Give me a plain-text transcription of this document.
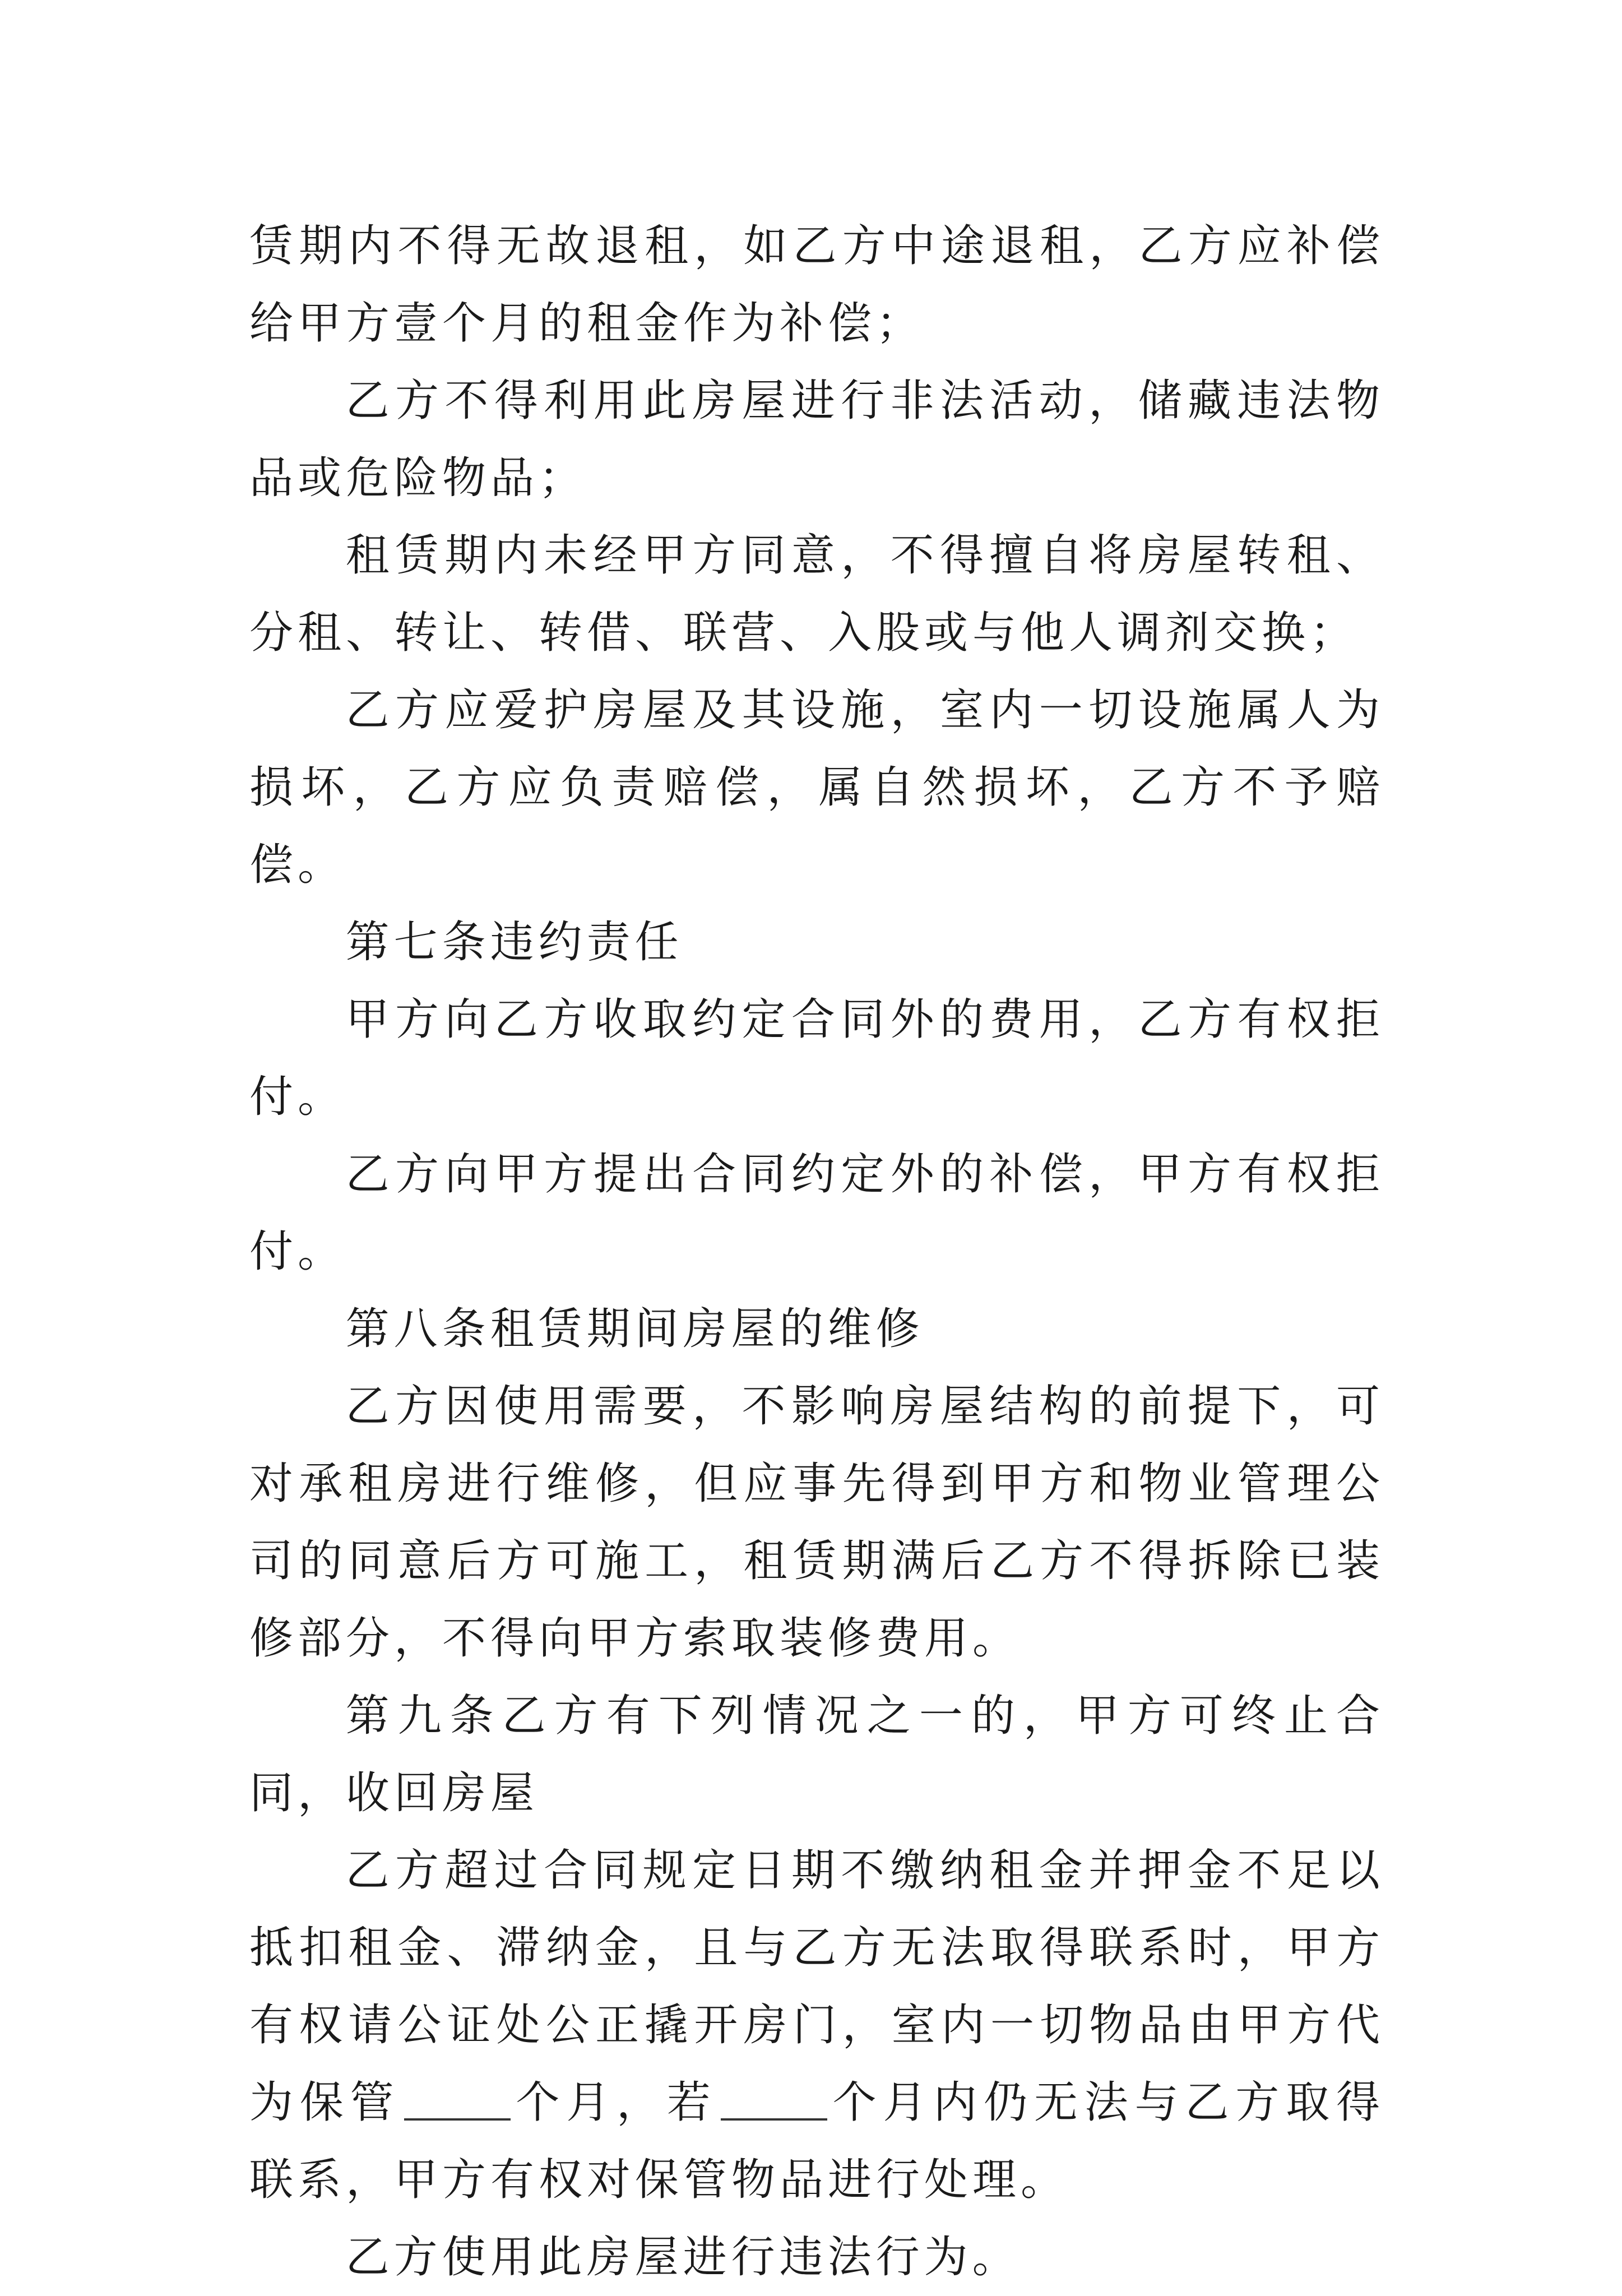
赁期内不得无故退租，如乙方中途退租，乙方应补偿给甲方壹个月的租金作为补偿；

乙方不得利用此房屋进行非法活动，储藏违法物品或危险物品；

租赁期内未经甲方同意，不得擅自将房屋转租、分租、转让、转借、联营、入股或与他人调剂交换；

乙方应爱护房屋及其设施，室内一切设施属人为损坏，乙方应负责赔偿，属自然损坏，乙方不予赔偿。

第七条违约责任

甲方向乙方收取约定合同外的费用，乙方有权拒付。

乙方向甲方提出合同约定外的补偿，甲方有权拒付。

第八条租赁期间房屋的维修

乙方因使用需要，不影响房屋结构的前提下，可对承租房进行维修，但应事先得到甲方和物业管理公司的同意后方可施工，租赁期满后乙方不得拆除已装修部分，不得向甲方索取装修费用。

第九条乙方有下列情况之一的，甲方可终止合同，收回房屋

乙方超过合同规定日期不缴纳租金并押金不足以抵扣租金、滞纳金，且与乙方无法取得联系时，甲方有权请公证处公正撬开房门，室内一切物品由甲方代为保管	个月，若	个月内仍无法与乙方取得联系，甲方有权对保管物品进行处理。

乙方使用此房屋进行违法行为。
